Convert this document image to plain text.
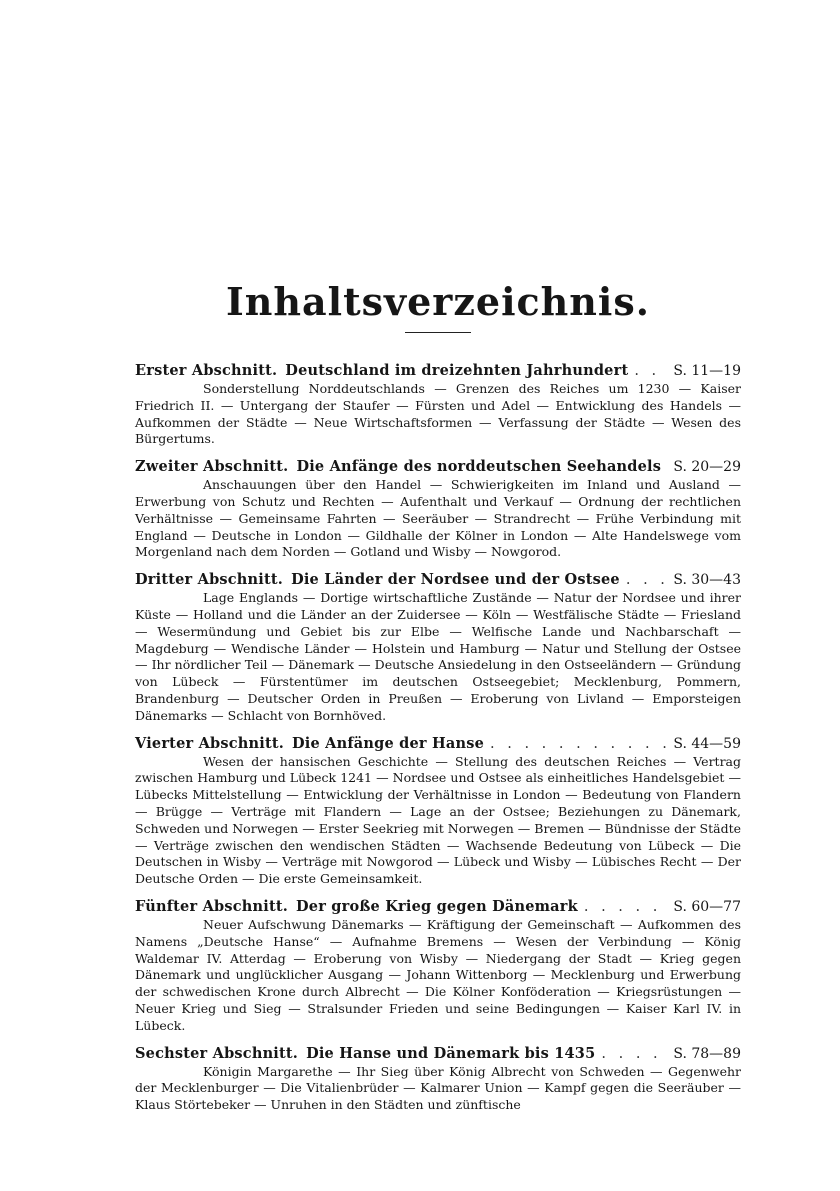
Inhaltsverzeichnis.
Erster Abschnitt. Deutschland im dreizehnten Jahrhundert . . .	S. 11—19

Sonderstellung Norddeutschlands — Grenzen des Reiches um 1230 — Kaiser Friedrich II. — Untergang der Staufer — Fürsten und Adel — Entwicklung des Handels — Aufkommen der Städte — Neue Wirtschaftsformen — Verfassung der Städte — Wesen des Bürgertums.

Zweiter Abschnitt. Die Anfänge des norddeutschen Seehandels . . . S. 20—29

Anschauungen über den Handel — Schwierigkeiten im Inland und Ausland — Erwerbung von Schutz und Rechten — Aufenthalt und Verkauf — Ordnung der rechtlichen Verhältnisse — Gemeinsame Fahrten — Seeräuber — Strandrecht — Frühe Verbindung mit England — Deutsche in London — Gildhalle der Kölner in London — Alte Handelswege vom Morgenland nach dem Norden — Gotland und Wisby — Nowgorod.

Dritter Abschnitt. Die Länder der Nordsee und der Ostsee . . .	S. 30—43

Lage Englands — Dortige wirtschaftliche Zustände — Natur der Nordsee und ihrer Küste — Holland und die Länder an der Zuidersee — Köln — Westfälische Städte — Friesland — Wesermündung und Gebiet bis zur Elbe — Welfische Lande und Nachbarschaft — Magdeburg — Wendische Länder — Holstein und Hamburg — Natur und Stellung der Ostsee — Ihr nördlicher Teil — Dänemark — Deutsche Ansiedelung in den Ostseeländern — Gründung von Lübeck — Fürstentümer im deutschen Ostseegebiet; Mecklenburg, Pommern, Brandenburg — Deutscher Orden in Preußen — Eroberung von Livland — Emporsteigen Dänemarks — Schlacht von Bornhöved.

Vierter Abschnitt. Die Anfänge der Hanse . . .	S. 44—59

Wesen der hansischen Geschichte — Stellung des deutschen Reiches — Vertrag zwischen Hamburg und Lübeck 1241 — Nordsee und Ostsee als einheitliches Handelsgebiet — Lübecks Mittelstellung — Entwicklung der Verhältnisse in London — Bedeutung von Flandern — Brügge — Verträge mit Flandern — Lage an der Ostsee; Beziehungen zu Dänemark, Schweden und Norwegen — Erster Seekrieg mit Norwegen — Bremen — Bündnisse der Städte — Verträge zwischen den wendischen Städten — Wachsende Bedeutung von Lübeck — Die Deutschen in Wisby — Verträge mit Nowgorod — Lübeck und Wisby — Lübisches Recht — Der Deutsche Orden — Die erste Gemeinsamkeit.

Fünfter Abschnitt. Der große Krieg gegen Dänemark . . .	S. 60—77

Neuer Aufschwung Dänemarks — Kräftigung der Gemeinschaft — Aufkommen des Namens „Deutsche Hanse“ — Aufnahme Bremens — Wesen der Verbindung — König Waldemar IV. Atterdag — Eroberung von Wisby — Niedergang der Stadt — Krieg gegen Dänemark und unglücklicher Ausgang — Johann Wittenborg — Mecklenburg und Erwerbung der schwedischen Krone durch Albrecht — Die Kölner Konföderation — Kriegsrüstungen — Neuer Krieg und Sieg — Stralsunder Frieden und seine Bedingungen — Kaiser Karl IV. in Lübeck.

Sechster Abschnitt. Die Hanse und Dänemark bis 1435 . . .	S. 78—89

Königin Margarethe — Ihr Sieg über König Albrecht von Schweden — Gegenwehr der Mecklenburger — Die Vitalienbrüder — Kalmarer Union — Kampf gegen die Seeräuber — Klaus Störtebeker — Unruhen in den Städten und zünftische
